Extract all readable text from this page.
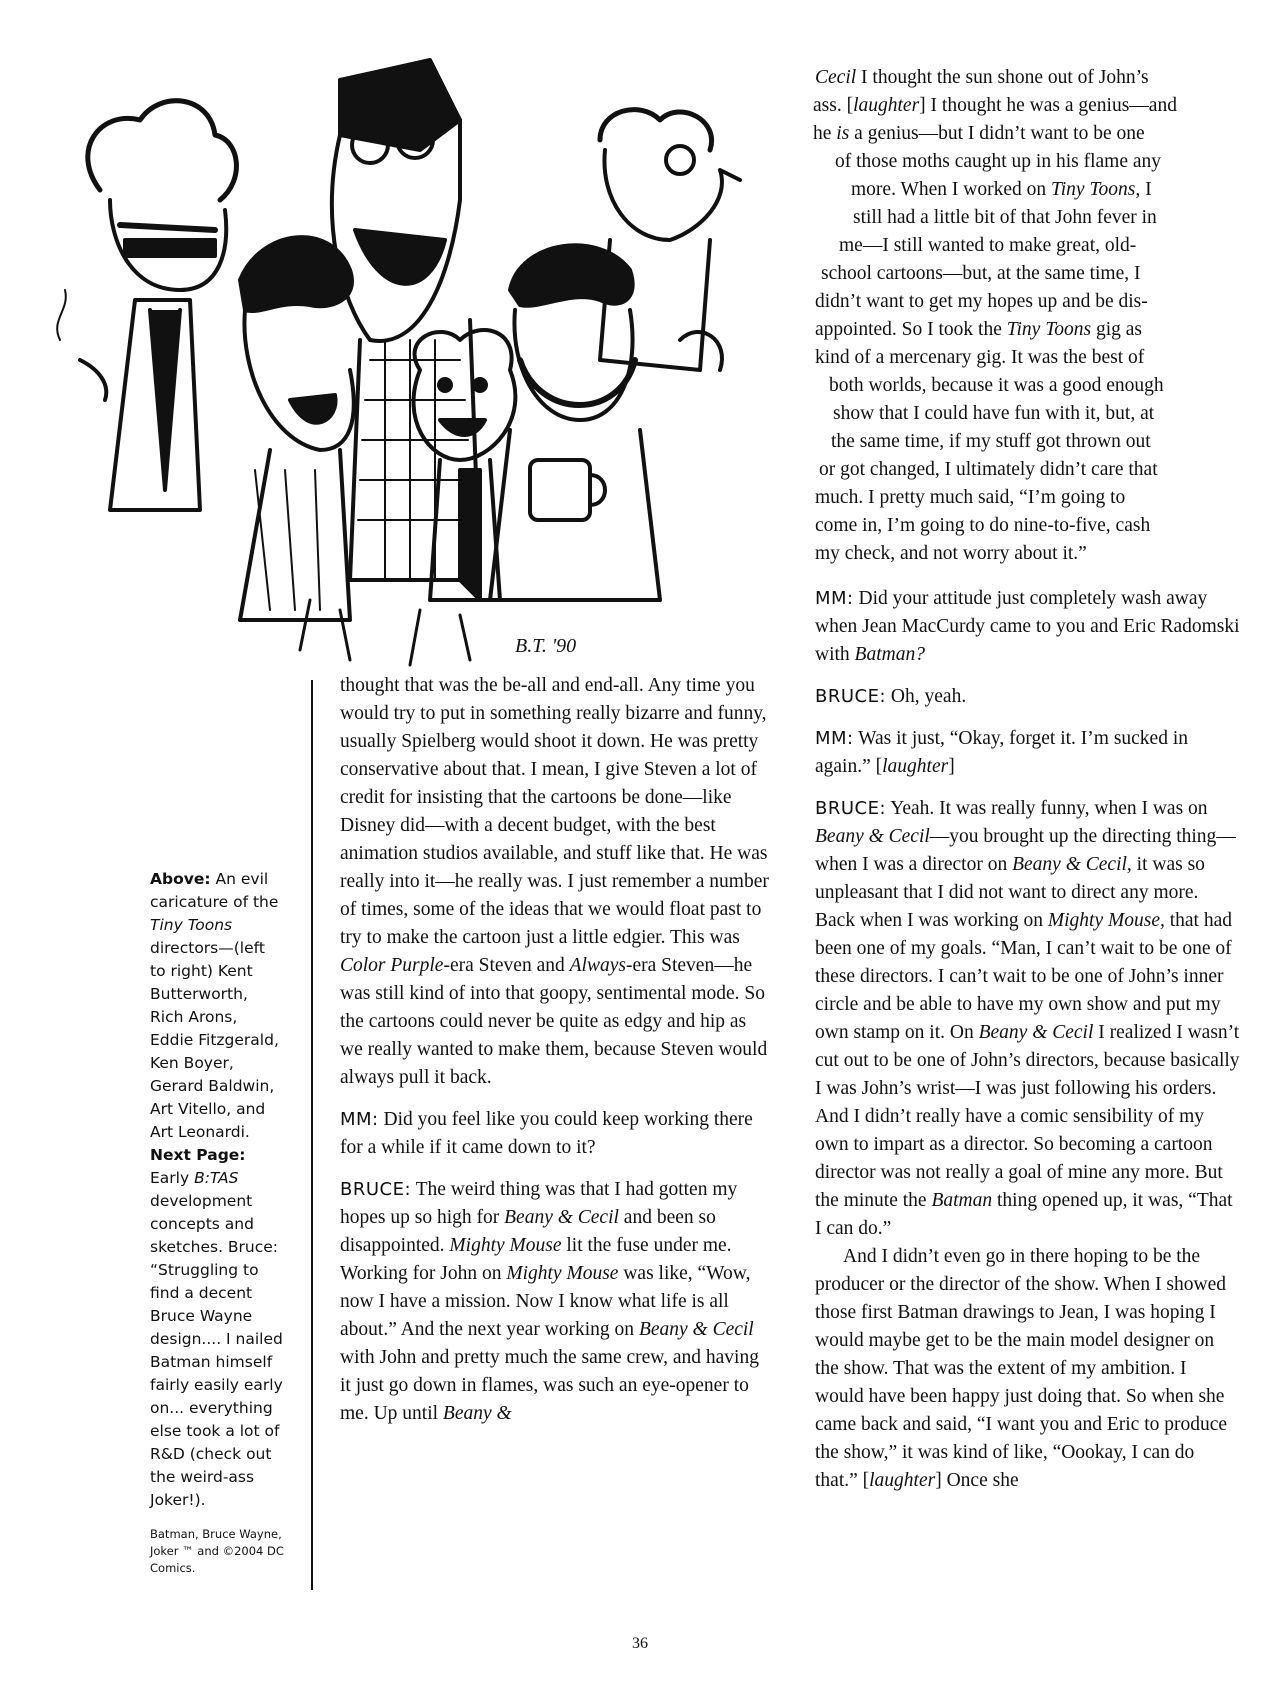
B.T. '90

Above: An evil caricature of the Tiny Toons directors—(left to right) Kent Butterworth, Rich Arons, Eddie Fitzgerald, Ken Boyer, Gerard Baldwin, Art Vitello, and Art Leonardi.

Next Page: Early B:TAS development concepts and sketches. Bruce: “Struggling to find a decent Bruce Wayne design.... I nailed Batman himself fairly easily early on... everything else took a lot of R&D (check out the weird-ass Joker!).

Batman, Bruce Wayne, Joker ™ and ©2004 DC Comics.

thought that was the be-all and end-all. Any time you would try to put in something really bizarre and funny, usually Spielberg would shoot it down. He was pretty conservative about that. I mean, I give Steven a lot of credit for insisting that the cartoons be done—like Disney did—with a decent budget, with the best animation studios available, and stuff like that. He was really into it—he really was. I just remember a number of times, some of the ideas that we would float past to try to make the cartoon just a little edgier. This was Color Purple-era Steven and Always-era Steven—he was still kind of into that goopy, sentimental mode. So the cartoons could never be quite as edgy and hip as we really wanted to make them, because Steven would always pull it back.

MM: Did you feel like you could keep working there for a while if it came down to it?

BRUCE: The weird thing was that I had gotten my hopes up so high for Beany & Cecil and been so disappointed. Mighty Mouse lit the fuse under me. Working for John on Mighty Mouse was like, “Wow, now I have a mission. Now I know what life is all about.” And the next year working on Beany & Cecil with John and pretty much the same crew, and having it just go down in flames, was such an eye-opener to me. Up until Beany &

Cecil I thought the sun shone out of John’s
ass. [laughter] I thought he was a genius—and
he is a genius—but I didn’t want to be one
of those moths caught up in his flame any
more. When I worked on Tiny Toons, I
still had a little bit of that John fever in
me—I still wanted to make great, old-
school cartoons—but, at the same time, I
didn’t want to get my hopes up and be dis-
appointed. So I took the Tiny Toons gig as
kind of a mercenary gig. It was the best of
both worlds, because it was a good enough
show that I could have fun with it, but, at
the same time, if my stuff got thrown out
or got changed, I ultimately didn’t care that
much. I pretty much said, “I’m going to
come in, I’m going to do nine-to-five, cash
my check, and not worry about it.”

MM: Did your attitude just completely wash away when Jean MacCurdy came to you and Eric Radomski with Batman?

BRUCE: Oh, yeah.

MM: Was it just, “Okay, forget it. I’m sucked in again.” [laughter]

BRUCE: Yeah. It was really funny, when I was on Beany & Cecil—you brought up the directing thing—when I was a director on Beany & Cecil, it was so unpleasant that I did not want to direct any more. Back when I was working on Mighty Mouse, that had been one of my goals. “Man, I can’t wait to be one of these directors. I can’t wait to be one of John’s inner circle and be able to have my own show and put my own stamp on it. On Beany & Cecil I realized I wasn’t cut out to be one of John’s directors, because basically I was John’s wrist—I was just following his orders. And I didn’t really have a comic sensibility of my own to impart as a director. So becoming a cartoon director was not really a goal of mine any more. But the minute the Batman thing opened up, it was, “That I can do.”

And I didn’t even go in there hoping to be the producer or the director of the show. When I showed those first Batman drawings to Jean, I was hoping I would maybe get to be the main model designer on the show. That was the extent of my ambition. I would have been happy just doing that. So when she came back and said, “I want you and Eric to produce the show,” it was kind of like, “Oookay, I can do that.” [laughter] Once she

36
